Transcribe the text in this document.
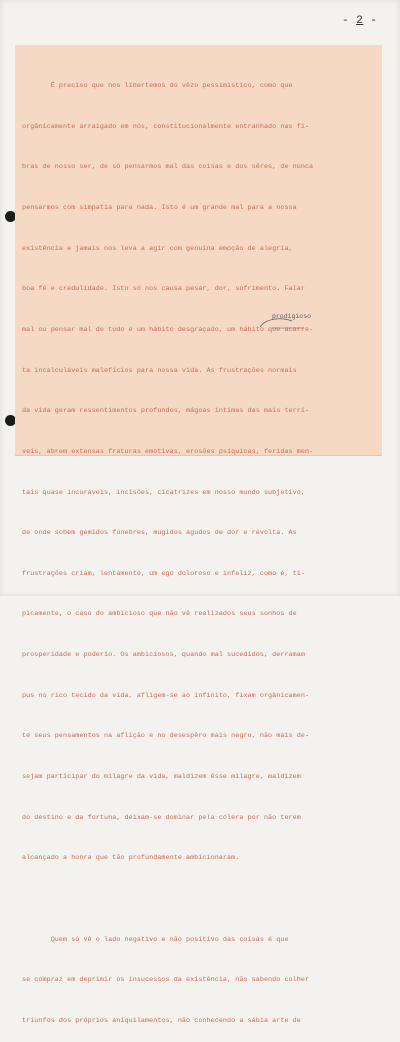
- 2 -

É preciso que nos libertemos do vêzo pessimístico, como que

orgânicamente arraigado em nós, constitucionalmente entranhado nas fi-

bras de nosso ser, de só pensarmos mal das coisas e dos sêres, de nunca

pensarmos com simpatia para nada. Isto é um grande mal para a nossa

existência e jamais nos leva a agir com genuína emoção de alegria,

boa fé e credulidade. Isto só nos causa pesar, dor, sofrimento. Falar

mal ou pensar mal de tudo é um hábito desgraçado, um hábito que acarre-

ta incalculáveis malefícios para nossa vida. As frustrações normais

da vida geram ressentimentos profundos, mágoas íntimas das mais terrí-

veis, abrem extensas fraturas emotivas, erosões psíquicas, feridas men-

tais quase incuráveis, incisões, cicatrizes em nosso mundo subjetivo,

de onde sobem gemidos fúnebres, mugidos agudos de dor e revolta. As

frustrações criam, lentamente, um ego doloroso e infeliz, como é, ti-

picamente, o caso do ambicioso que não vê realizados seus sonhos de

prosperidade e poderio. Os ambiciosos, quando mal sucedidos, derramam

pus no rico tecido da vida, afligem-se ao infinito, fixam orgânicamen-

te seus pensamentos na aflição e no desespêro mais negro, não mais de-

sejam participar do milagre da vida, maldizem êsse milagre, maldizem

do destino e da fortuna, deixam-se dominar pela cólera por não terem

alcançado a honra que tão profundamente ambicionaram.

Quem só vê o lado negativo e não positivo das coisas é que

se compraz em deprimir os insucessos da existência, não sabendo colher

triunfos dos próprios aniquilamentos, não conhecendo a sábia arte de

prodigioso
